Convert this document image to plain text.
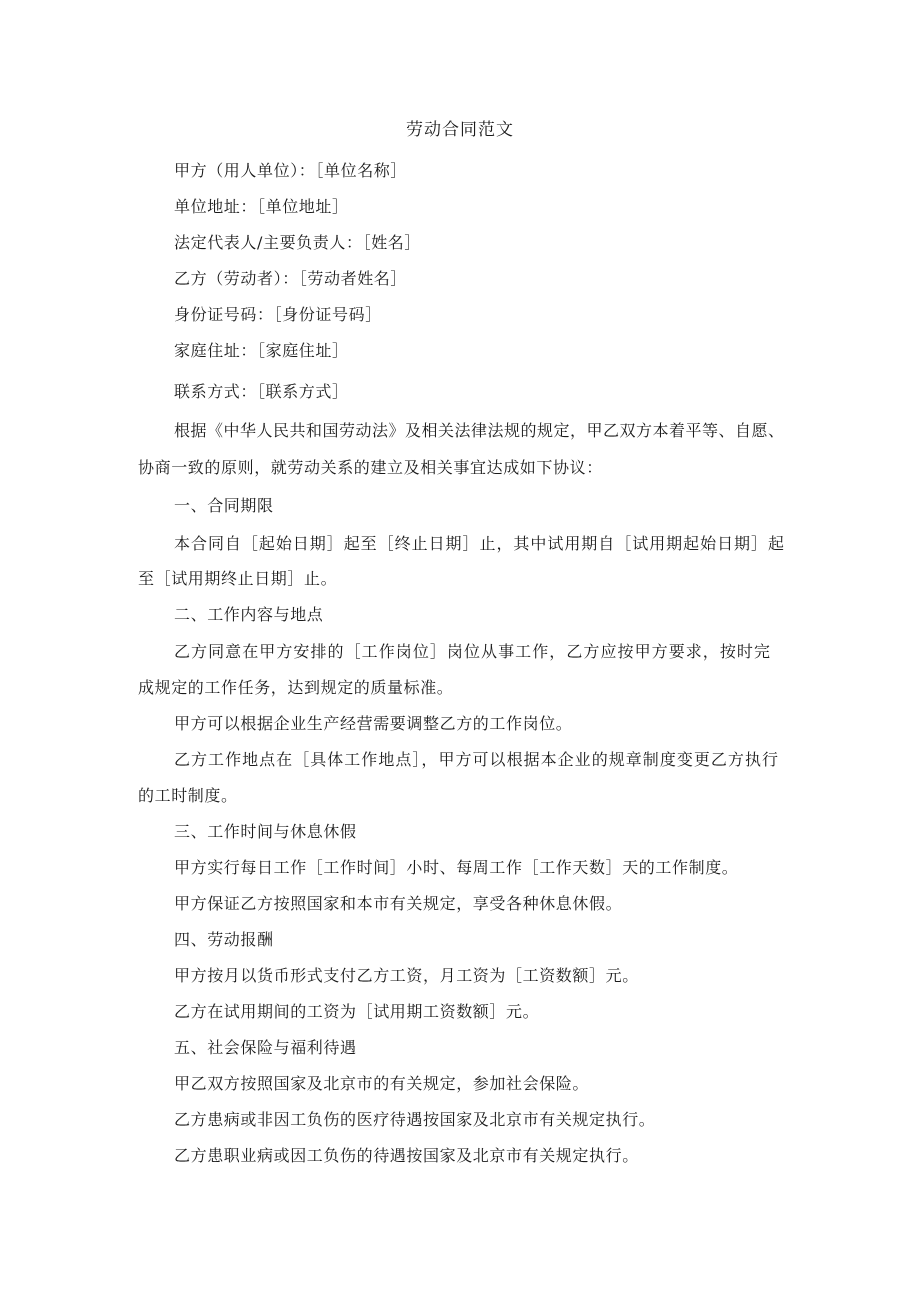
劳动合同范文
甲方（用人单位）：［单位名称］
单位地址：［单位地址］
法定代表人/主要负责人：［姓名］
乙方（劳动者）：［劳动者姓名］
身份证号码：［身份证号码］
家庭住址：［家庭住址］
联系方式：［联系方式］
根据《中华人民共和国劳动法》及相关法律法规的规定，甲乙双方本着平等、自愿、
协商一致的原则，就劳动关系的建立及相关事宜达成如下协议：
一、合同期限
本合同自［起始日期］起至［终止日期］止，其中试用期自［试用期起始日期］起
至［试用期终止日期］止。
二、工作内容与地点
乙方同意在甲方安排的［工作岗位］岗位从事工作，乙方应按甲方要求，按时完
成规定的工作任务，达到规定的质量标准。
甲方可以根据企业生产经营需要调整乙方的工作岗位。
乙方工作地点在［具体工作地点］，甲方可以根据本企业的规章制度变更乙方执行
的工时制度。
三、工作时间与休息休假
甲方实行每日工作［工作时间］小时、每周工作［工作天数］天的工作制度。
甲方保证乙方按照国家和本市有关规定，享受各种休息休假。
四、劳动报酬
甲方按月以货币形式支付乙方工资，月工资为［工资数额］元。
乙方在试用期间的工资为［试用期工资数额］元。
五、社会保险与福利待遇
甲乙双方按照国家及北京市的有关规定，参加社会保险。
乙方患病或非因工负伤的医疗待遇按国家及北京市有关规定执行。
乙方患职业病或因工负伤的待遇按国家及北京市有关规定执行。
